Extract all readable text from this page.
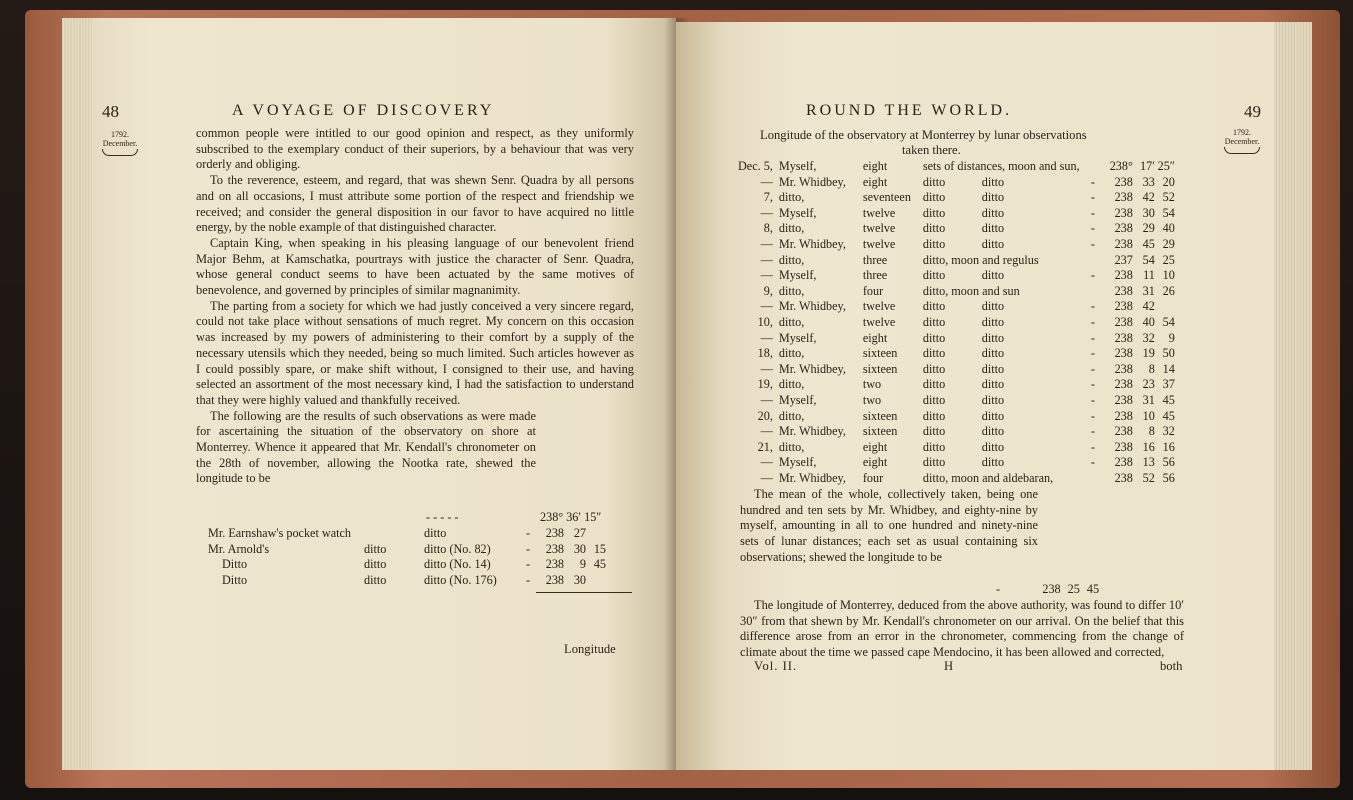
48	A VOYAGE OF DISCOVERY
1792.
December.

common people were intitled to our good opinion and respect, as they uniformly subscribed to the exemplary conduct of their superiors, by a behaviour that was very orderly and obliging.

To the reverence, esteem, and regard, that was shewn Senr. Quadra by all persons and on all occasions, I must attribute some portion of the respect and friendship we received; and consider the general disposition in our favor to have acquired no little energy, by the noble example of that distinguished character.

Captain King, when speaking in his pleasing language of our benevolent friend Major Behm, at Kamschatka, pourtrays with justice the character of Senr. Quadra, whose general conduct seems to have been actuated by the same motives of benevolence, and governed by principles of similar magnanimity.

The parting from a society for which we had justly conceived a very sincere regard, could not take place without sensations of much regret. My concern on this occasion was increased by my powers of administering to their comfort by a supply of the necessary utensils which they needed, being so much limited. Such articles however as I could possibly spare, or make shift without, I consigned to their use, and having selected an assortment of the most necessary kind, I had the satisfaction to understand that they were highly valued and thankfully received.

The following are the results of such observations as were made for ascertaining the situation of the observatory on shore at Monterrey. Whence it appeared that Mr. Kendall's chronometer on the 28th of november, allowing the Nootka rate, shewed the longitude to be

- - - - -	238° 36′ 15″
Mr. Earnshaw's pocket watch		ditto	-	238	27	
Mr. Arnold's	ditto	ditto (No. 82)	-	238	30	15
Ditto	ditto	ditto (No. 14)	-	238	9	45
Ditto	ditto	ditto (No. 176)	-	238	30	
Longitude
ROUND THE WORLD.	49
1792.
December.
Longitude of the observatory at Monterrey by lunar observations
taken there.
Dec. 5,	Myself,	eight	sets of distances, moon and sun,		238°	17′	25″
—	Mr. Whidbey,	eight	ditto            ditto	-	238	33	20
7,	ditto,	seventeen	ditto            ditto	-	238	42	52
—	Myself,	twelve	ditto            ditto	-	238	30	54
8,	ditto,	twelve	ditto            ditto	-	238	29	40
—	Mr. Whidbey,	twelve	ditto            ditto	-	238	45	29
—	ditto,	three	ditto, moon and regulus		237	54	25
—	Myself,	three	ditto            ditto	-	238	11	10
9,	ditto,	four	ditto, moon and sun		238	31	26
—	Mr. Whidbey,	twelve	ditto            ditto	-	238	42	
10,	ditto,	twelve	ditto            ditto	-	238	40	54
—	Myself,	eight	ditto            ditto	-	238	32	9
18,	ditto,	sixteen	ditto            ditto	-	238	19	50
—	Mr. Whidbey,	sixteen	ditto            ditto	-	238	8	14
19,	ditto,	two	ditto            ditto	-	238	23	37
—	Myself,	two	ditto            ditto	-	238	31	45
20,	ditto,	sixteen	ditto            ditto	-	238	10	45
—	Mr. Whidbey,	sixteen	ditto            ditto	-	238	8	32
21,	ditto,	eight	ditto            ditto	-	238	16	16
—	Myself,	eight	ditto            ditto	-	238	13	56
—	Mr. Whidbey,	four	ditto, moon and aldebaran,		238	52	56

The mean of the whole, collectively taken, being one hundred and ten sets by Mr. Whidbey, and eighty-nine by myself, amounting in all to one hundred and ninety-nine sets of lunar distances; each set as usual containing six observations; shewed the longitude to be

-	238 25 45

The longitude of Monterrey, deduced from the above authority, was found to differ 10′ 30″ from that shewn by Mr. Kendall's chronometer on our arrival. On the belief that this difference arose from an error in the chronometer, commencing from the change of climate about the time we passed cape Mendocino, it has been allowed and corrected,

Vol. II.	H	both
